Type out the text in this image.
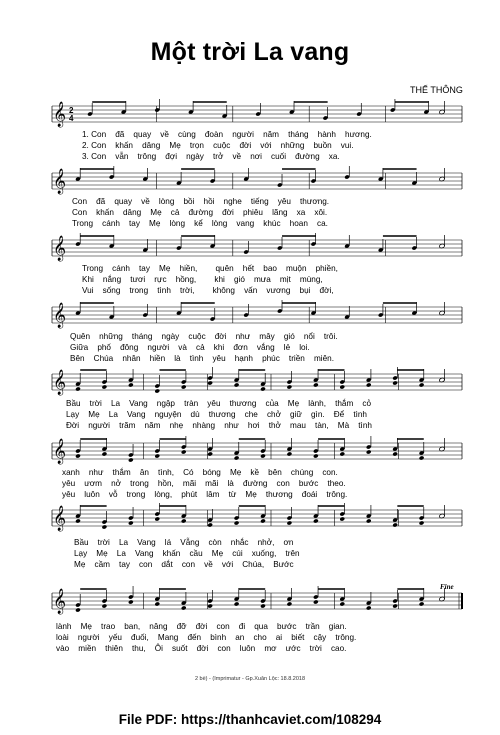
Một trời La vang
THẾ THÔNG
𝄞 2
4
𝄞
𝄞
𝄞
𝄞
𝄞
𝄞
𝄞
Fine
1. Con    đã    quay    về    cùng    đoàn    người    năm    tháng    hành    hương.
2. Con    khấn    dâng    Mẹ    trọn    cuộc    đời    với    những    buồn    vui.
3. Con    vẫn    trông    đợi    ngày    trở    về    nơi    cuối    đường    xa.
Con    đã    quay    về    lòng    bồi    hồi    nghe    tiếng    yêu    thương.
Con    khấn    dâng    Mẹ    cả    đường    đời    phiêu    lãng    xa    xôi.
Trong    cánh    tay    Mẹ    lòng    kể    lòng    vang    khúc    hoan    ca.
Trong    cánh    tay    Mẹ    hiền,        quên    hết    bao    muộn    phiền,
Khi    nắng    tươi    rực    hồng,        khi    gió    mưa    mịt    mùng,
Vui    sống    trong    tình    trời,        không    vấn    vương    bụi    đời,
Quên    những    tháng    ngày    cuộc    đời    như    mây    gió    nổi    trôi.
Giữa    phố    đông    người    và    cả    khi    đơn    vắng    lẻ    loi.
Bên    Chúa    nhân    hiền    là    tình    yêu    hạnh    phúc    triền    miên.
Bầu    trời    La    Vang    ngập    tràn    yêu    thương    của    Mẹ    lành,    thắm    cỏ
Lạy    Mẹ    La    Vang    nguyện    dù    thương    che    chở    giữ    gìn.    Để    tình
Đời    người    trăm    năm    nhẹ    nhàng    như    hơi    thở    mau    tàn,    Mà    tình
xanh    như    thắm    ân    tình,    Có    bóng    Mẹ    kề    bên    chúng    con.
yêu    ươm    nở    trong    hồn,    mãi    mãi    là    đường    con    bước    theo.
yêu    luôn    vỗ    trong    lòng,    phút    lâm    từ    Mẹ    thương    đoái    trông.
Bầu    trời    La    Vang    lá    Vẫng    còn    nhắc    nhở,    ơn
Lạy    Mẹ    La    Vang    khấn    cầu    Mẹ    cúi    xuống,    trên
Mẹ    cầm    tay    con    dắt    con    về    với    Chúa,    Bước
lành    Mẹ    trao    ban,    nâng    đỡ    đời    con    đi    qua    bước    trần    gian.
loài    người    yếu    đuối,    Mang    đến    bình    an    cho    ai    biết    cậy    trông.
vào    miền    thiên    thu,    Ôi    suốt    đời    con    luôn    mơ    ước    trời    cao.
2 bè) - (Imprimatur - Gp.Xuân Lộc: 18.8.2018
File PDF: https://thanhcaviet.com/108294
